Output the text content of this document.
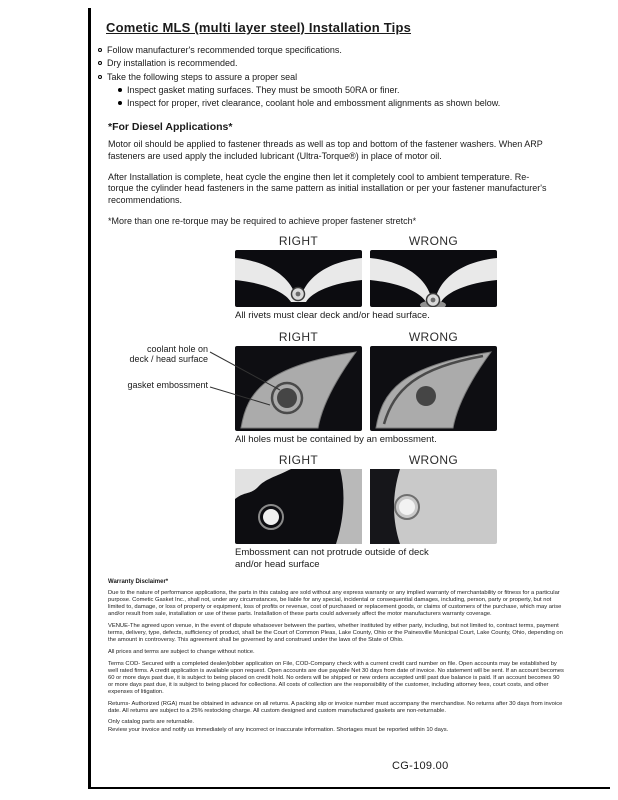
Cometic MLS (multi layer steel) Installation Tips
Follow manufacturer's recommended torque specifications.
Dry installation is recommended.
Take the following steps to assure a proper seal
Inspect gasket mating surfaces. They must be smooth 50RA or finer.
Inspect for proper, rivet clearance, coolant hole and embossment alignments as shown below.
*For Diesel Applications*
Motor oil should be applied to fastener threads as well as top and bottom of the fastener washers. When ARP fasteners are used apply the included lubricant (Ultra-Torque®) in place of motor oil.
After Installation is complete, heat cycle the engine then let it completely cool to ambient temperature. Re-torque the cylinder head fasteners in the same pattern as initial installation or per your fastener manufacturer's recommendations.
*More than one re-torque may be required to achieve proper fastener stretch*
RIGHT	WRONG
All rivets must clear deck and/or head surface.
coolant hole on
deck / head surface
gasket embossment
RIGHT	WRONG
All holes must be contained by an embossment.
RIGHT	WRONG
Embossment can not protrude outside of deck
and/or head surface
Warranty Disclaimer*

Due to the nature of performance applications, the parts in this catalog are sold without any express warranty or any implied warranty of merchantability or fitness for a particular purpose. Cometic Gasket Inc., shall not, under any circumstances, be liable for any special, incidental or consequential damages, including, person, party or property, but not limited to, damage, or loss of property or equipment, loss of profits or revenue, cost of purchased or replacement goods, or claims of customers of the purchase, which may arise and/or result from sale, installation or use of these parts. Installation of these parts could adversely affect the motor manufacturers warranty coverage.

VENUE-The agreed upon venue, in the event of dispute whatsoever between the parties, whether instituted by either party, including, but not limited to, contract terms, payment terms, delivery, type, defects, sufficiency of product, shall be the Court of Common Pleas, Lake County, Ohio or the Painesville Municipal Court, Lake County, Ohio, depending on the amount in controversy. This agreement shall be governed by and construed under the laws of the State of Ohio.

All prices and terms are subject to change without notice.

Terms COD- Secured with a completed dealer/jobber application on File, COD-Company check with a current credit card number on file. Open accounts may be established by well rated firms. A credit application is available upon request. Open accounts are due payable Net 30 days from date of invoice. No statement will be sent. If an account becomes 60 or more days past due, it is subject to being placed on credit hold. No orders will be shipped or new orders accepted until past due balance is paid. If an account becomes 90 or more days past due, it is subject to being placed for collections. All costs of collection are the responsibility of the customer, including attorney fees, court costs, and other expenses of litigation.

Returns- Authorized (RGA) must be obtained in advance on all returns. A packing slip or invoice number must accompany the merchandise. No returns after 30 days from invoice date. All returns are subject to a 25% restocking charge. All custom designed and custom manufactured gaskets are non-returnable.

Only catalog parts are returnable.

Review your invoice and notify us immediately of any incorrect or inaccurate information. Shortages must be reported within 10 days.

CG-109.00
